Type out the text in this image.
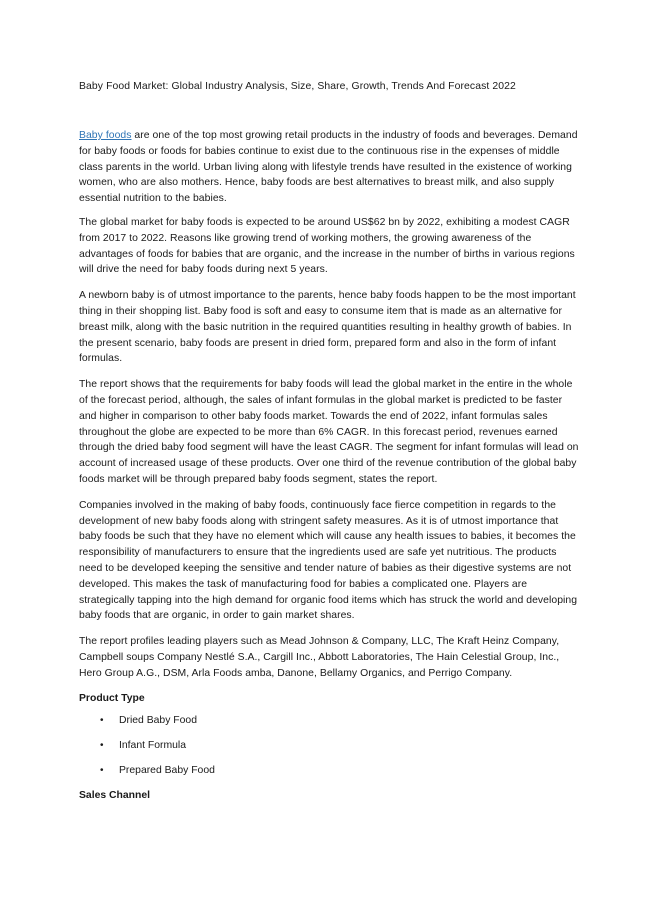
Baby Food Market: Global Industry Analysis, Size, Share, Growth, Trends And Forecast 2022

Baby foods are one of the top most growing retail products in the industry of foods and beverages. Demand for baby foods or foods for babies continue to exist due to the continuous rise in the expenses of middle class parents in the world. Urban living along with lifestyle trends have resulted in the existence of working women, who are also mothers. Hence, baby foods are best alternatives to breast milk, and also supply essential nutrition to the babies.

The global market for baby foods is expected to be around US$62 bn by 2022, exhibiting a modest CAGR from 2017 to 2022. Reasons like growing trend of working mothers, the growing awareness of the advantages of foods for babies that are organic, and the increase in the number of births in various regions will drive the need for baby foods during next 5 years.

A newborn baby is of utmost importance to the parents, hence baby foods happen to be the most important thing in their shopping list. Baby food is soft and easy to consume item that is made as an alternative for breast milk, along with the basic nutrition in the required quantities resulting in healthy growth of babies. In the present scenario, baby foods are present in dried form, prepared form and also in the form of infant formulas.

The report shows that the requirements for baby foods will lead the global market in the entire in the whole of the forecast period, although, the sales of infant formulas in the global market is predicted to be faster and higher in comparison to other baby foods market. Towards the end of 2022, infant formulas sales throughout the globe are expected to be more than 6% CAGR. In this forecast period, revenues earned through the dried baby food segment will have the least CAGR. The segment for infant formulas will lead on account of increased usage of these products. Over one third of the revenue contribution of the global baby foods market will be through prepared baby foods segment, states the report.

Companies involved in the making of baby foods, continuously face fierce competition in regards to the development of new baby foods along with stringent safety measures. As it is of utmost importance that baby foods be such that they have no element which will cause any health issues to babies, it becomes the responsibility of manufacturers to ensure that the ingredients used are safe yet nutritious. The products need to be developed keeping the sensitive and tender nature of babies as their digestive systems are not developed. This makes the task of manufacturing food for babies a complicated one. Players are strategically tapping into the high demand for organic food items which has struck the world and developing baby foods that are organic, in order to gain market shares.

The report profiles leading players such as Mead Johnson & Company, LLC, The Kraft Heinz Company, Campbell soups Company Nestlé S.A., Cargill Inc., Abbott Laboratories, The Hain Celestial Group, Inc., Hero Group A.G., DSM, Arla Foods amba, Danone, Bellamy Organics, and Perrigo Company.

Product Type
• Dried Baby Food
• Infant Formula
• Prepared Baby Food
Sales Channel
